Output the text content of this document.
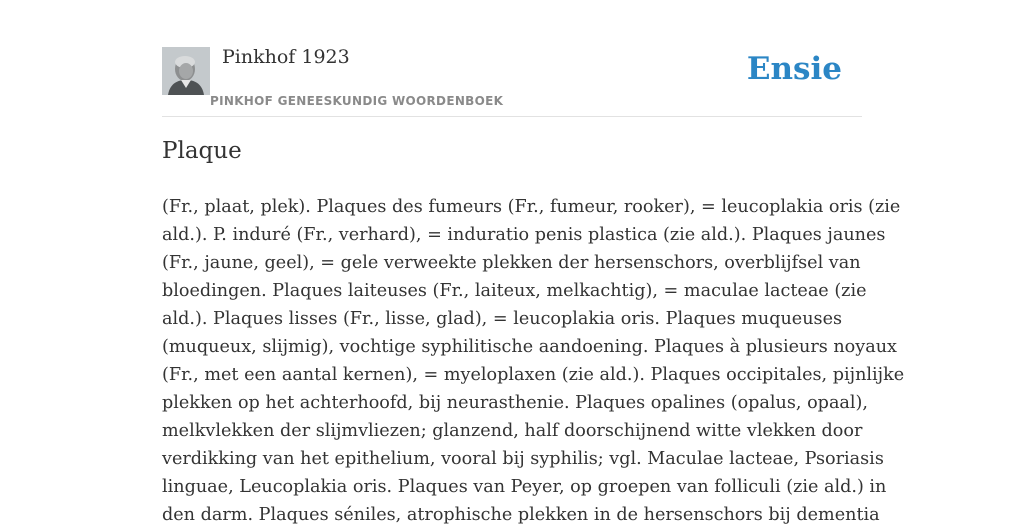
Pinkhof 1923
PINKHOF GENEESKUNDIG WOORDENBOEK
Ensie
Plaque
(Fr., plaat, plek). Plaques des fumeurs (Fr., fumeur, rooker), = leucoplakia oris (zie
ald.). P. induré (Fr., verhard), = induratio penis plastica (zie ald.). Plaques jaunes
(Fr., jaune, geel), = gele verweekte plekken der hersenschors, overblijfsel van
bloedingen. Plaques laiteuses (Fr., laiteux, melkachtig), = maculae lacteae (zie
ald.). Plaques lisses (Fr., lisse, glad), = leucoplakia oris. Plaques muqueuses
(muqueux, slijmig), vochtige syphilitische aandoening. Plaques à plusieurs noyaux
(Fr., met een aantal kernen), = myeloplaxen (zie ald.). Plaques occipitales, pijnlijke
plekken op het achterhoofd, bij neurasthenie. Plaques opalines (opalus, opaal),
melkvlekken der slijmvliezen; glanzend, half doorschijnend witte vlekken door
verdikking van het epithelium, vooral bij syphilis; vgl. Maculae lacteae, Psoriasis
linguae, Leucoplakia oris. Plaques van Peyer, op groepen van folliculi (zie ald.) in
den darm. Plaques séniles, atrophische plekken in de hersenschors bij dementia
